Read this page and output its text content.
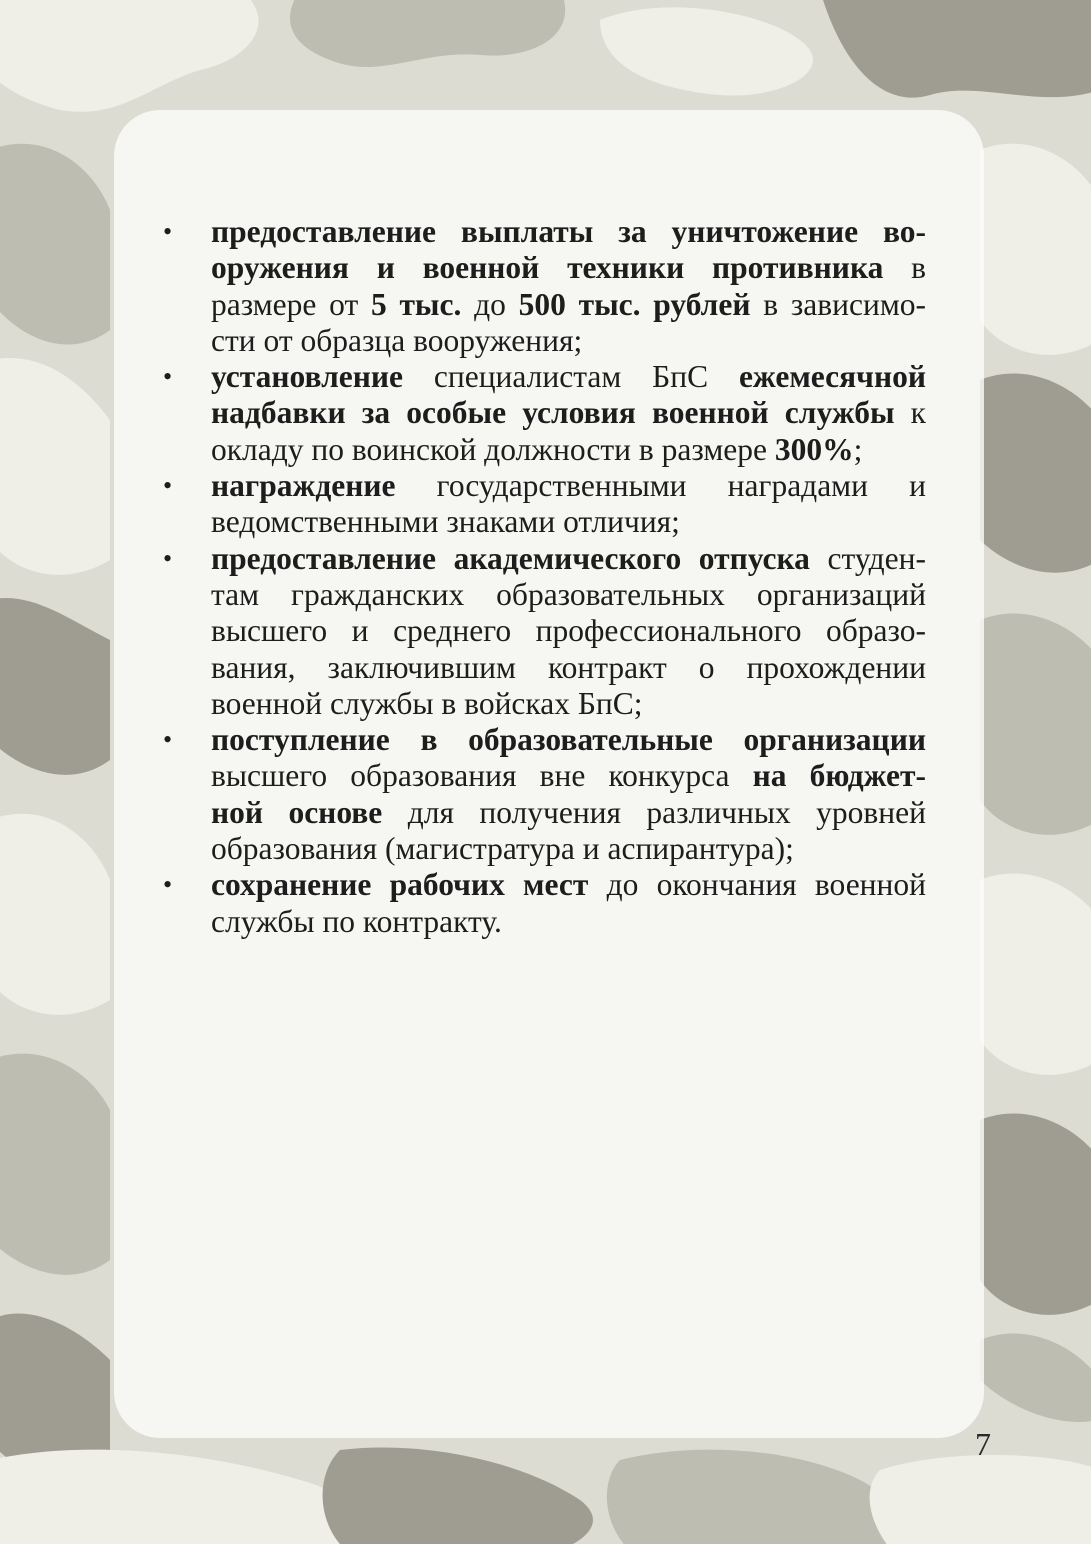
• предоставление выплаты за уничтожение во-
оружения и военной техники противника в
размере от 5 тыс. до 500 тыс. рублей в зависимо-
сти от образца вооружения;
• установление специалистам БпС ежемесячной
надбавки за особые условия военной службы к
окладу по воинской должности в размере 300%;
• награждение государственными наградами и
ведомственными знаками отличия;
• предоставление академического отпуска студен-
там гражданских образовательных организаций
высшего и среднего профессионального образо-
вания, заключившим контракт о прохождении
военной службы в войсках БпС;
• поступление в образовательные организации
высшего образования вне конкурса на бюджет-
ной основе для получения различных уровней
образования (магистратура и аспирантура);
• сохранение рабочих мест до окончания военной
службы по контракту.
7
